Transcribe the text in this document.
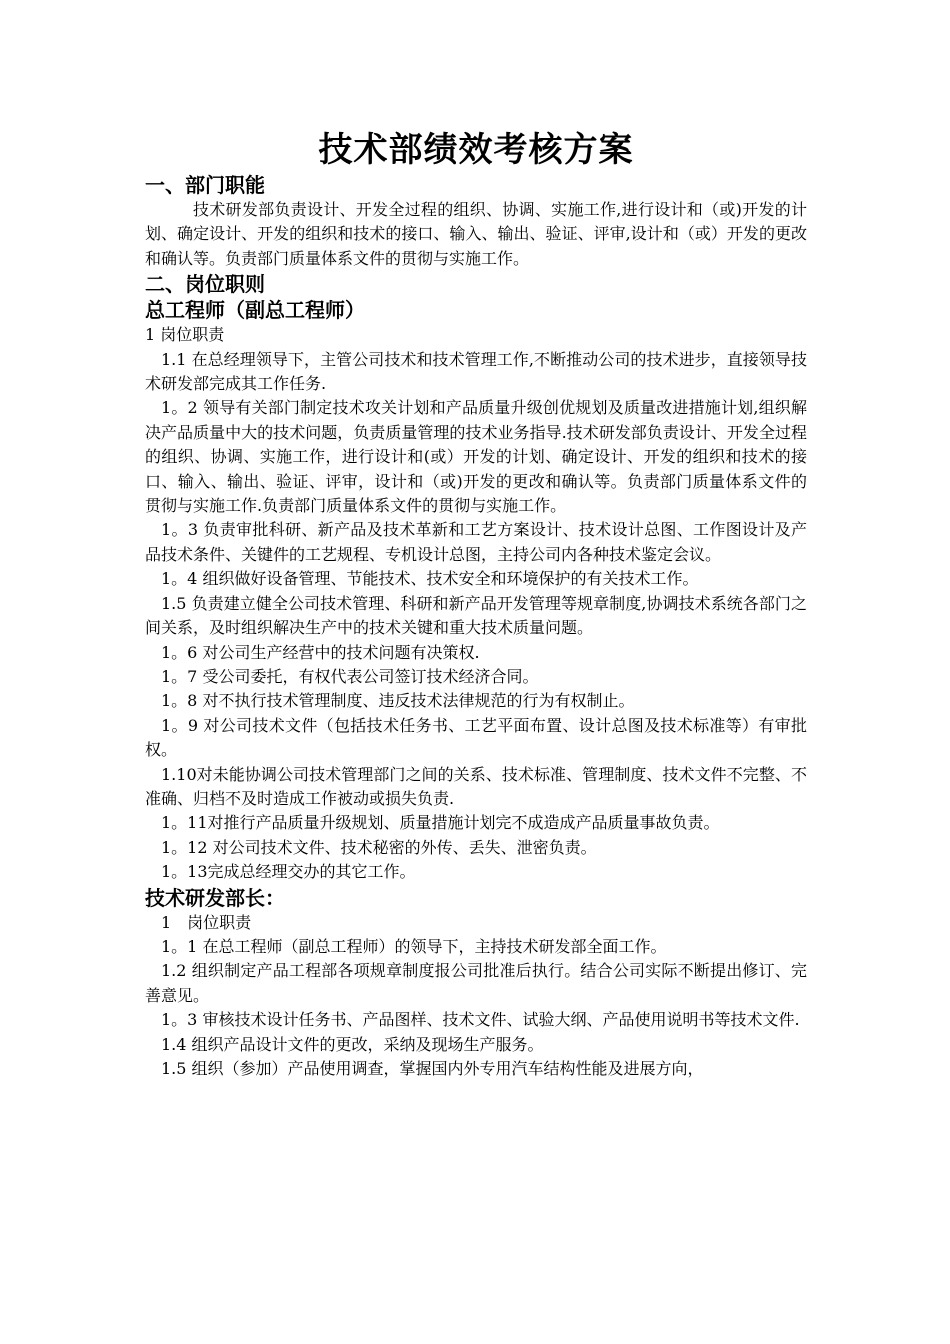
技术部绩效考核方案
一、部门职能

技术研发部负责设计、开发全过程的组织、协调、实施工作,进行设计和（或)开发的计划、确定设计、开发的组织和技术的接口、输入、输出、验证、评审,设计和（或）开发的更改和确认等。负责部门质量体系文件的贯彻与实施工作。

二、岗位职则
总工程师（副总工程师）
1 岗位职责

1.1 在总经理领导下，主管公司技术和技术管理工作,不断推动公司的技术进步，直接领导技术研发部完成其工作任务.

1。2 领导有关部门制定技术攻关计划和产品质量升级创优规划及质量改进措施计划,组织解决产品质量中大的技术问题，负责质量管理的技术业务指导.技术研发部负责设计、开发全过程的组织、协调、实施工作，进行设计和(或）开发的计划、确定设计、开发的组织和技术的接口、输入、输出、验证、评审，设计和（或)开发的更改和确认等。负责部门质量体系文件的贯彻与实施工作.负责部门质量体系文件的贯彻与实施工作。

1。3 负责审批科研、新产品及技术革新和工艺方案设计、技术设计总图、工作图设计及产品技术条件、关键件的工艺规程、专机设计总图，主持公司内各种技术鉴定会议。

1。4 组织做好设备管理、节能技术、技术安全和环境保护的有关技术工作。

1.5 负责建立健全公司技术管理、科研和新产品开发管理等规章制度,协调技术系统各部门之间关系，及时组织解决生产中的技术关键和重大技术质量问题。

1。6 对公司生产经营中的技术问题有决策权.

1。7 受公司委托，有权代表公司签订技术经济合同。

1。8 对不执行技术管理制度、违反技术法律规范的行为有权制止。

1。9 对公司技术文件（包括技术任务书、工艺平面布置、设计总图及技术标准等）有审批权。

1.10对未能协调公司技术管理部门之间的关系、技术标准、管理制度、技术文件不完整、不准确、归档不及时造成工作被动或损失负责.

1。11对推行产品质量升级规划、质量措施计划完不成造成产品质量事故负责。

1。12 对公司技术文件、技术秘密的外传、丢失、泄密负责。

1。13完成总经理交办的其它工作。

技术研发部长：
1　岗位职责

1。1 在总工程师（副总工程师）的领导下，主持技术研发部全面工作。

1.2 组织制定产品工程部各项规章制度报公司批准后执行。结合公司实际不断提出修订、完善意见。

1。3 审核技术设计任务书、产品图样、技术文件、试验大纲、产品使用说明书等技术文件.

1.4 组织产品设计文件的更改，采纳及现场生产服务。

1.5 组织（参加）产品使用调查，掌握国内外专用汽车结构性能及进展方向，
